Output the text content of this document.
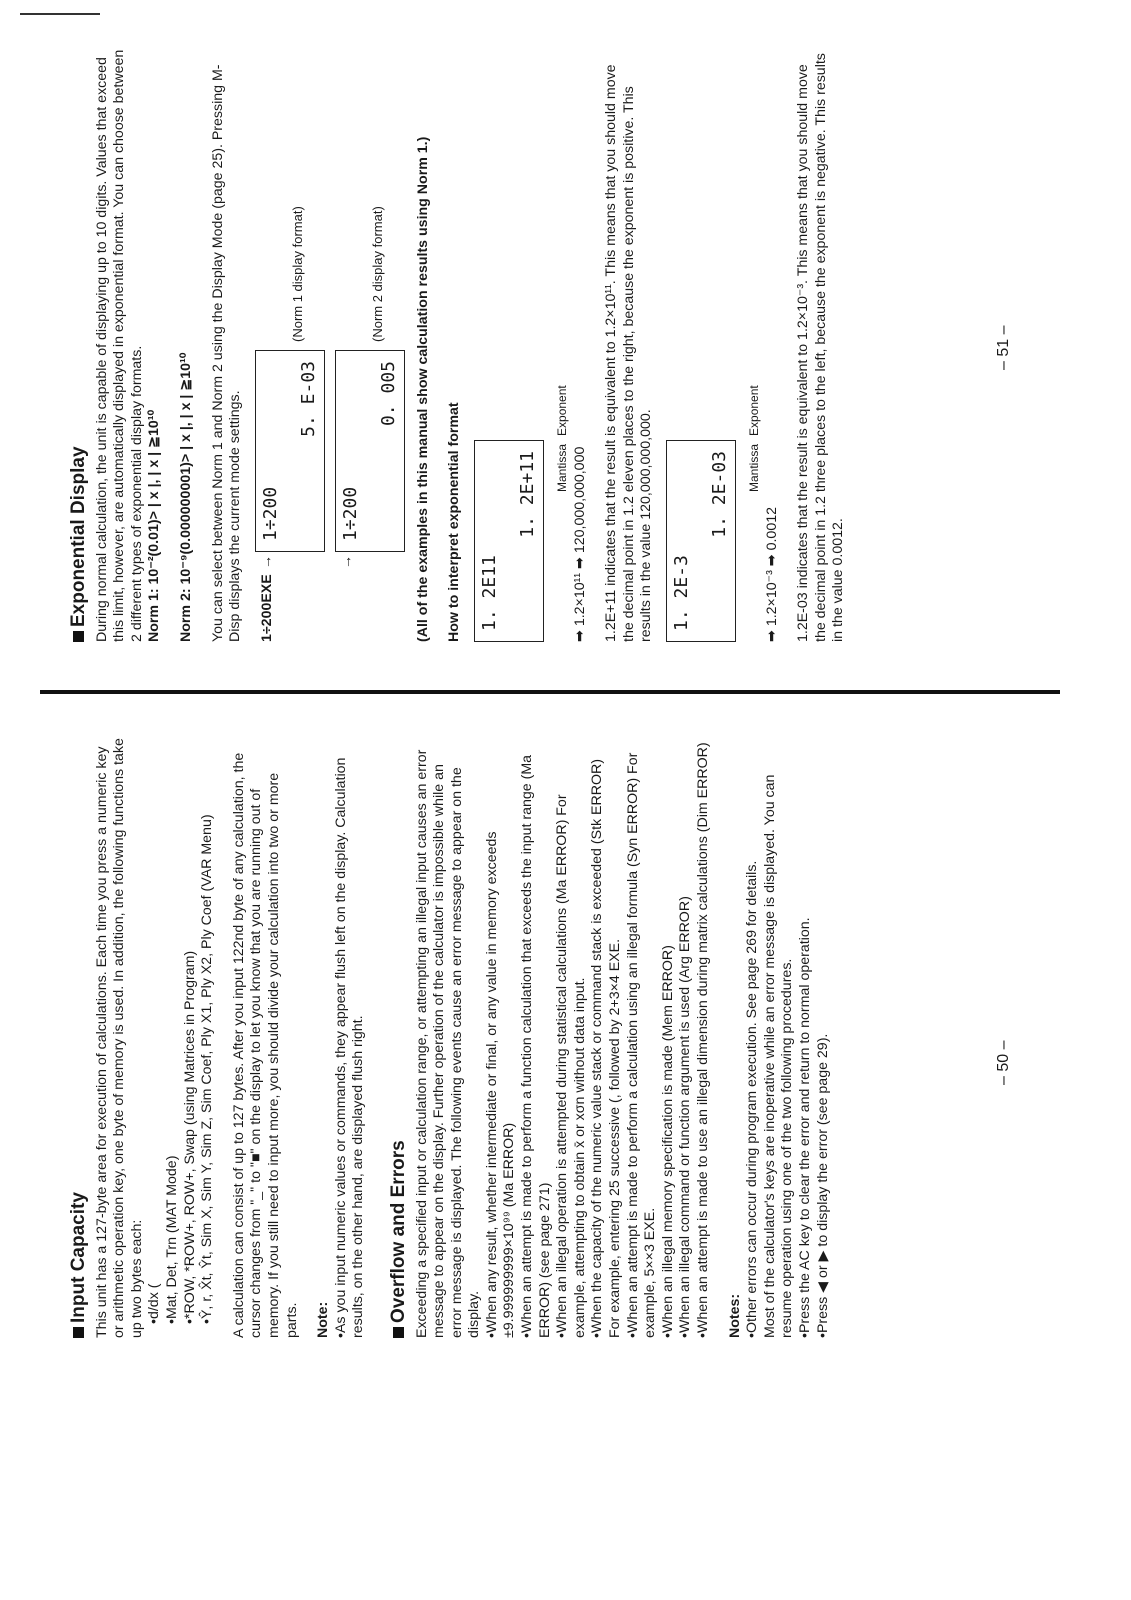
Input Capacity This unit has a 127-byte area for execution of calculations. Each time you press a numeric key or arithmetic operation key, one byte of memory is used. In addition, the following functions take up two bytes each: •d/dx ( •Mat, Det, Trn (MAT Mode) •*ROW, *ROW+, ROW+, Swap (using Matrices in Program) •Ŷ, r, X̂t, Ŷt, Sim X, Sim Y, Sim Z, Sim Coef, Ply X1, Ply X2, Ply Coef (VAR Menu) A calculation can consist of up to 127 bytes. After you input 122nd byte of any calculation, the cursor changes from "_" to "■" on the display to let you know that you are running out of memory. If you still need to input more, you should divide your calculation into two or more parts. Note: •As you input numeric values or commands, they appear flush left on the display. Calculation results, on the other hand, are displayed flush right. Overflow and Errors Exceeding a specified input or calculation range, or attempting an illegal input causes an error message to appear on the display. Further operation of the calculator is impossible while an error message is displayed. The following events cause an error message to appear on the display. •When any result, whether intermediate or final, or any value in memory exceeds ±9.999999999×10⁹⁹ (Ma ERROR) •When an attempt is made to perform a function calculation that exceeds the input range (Ma ERROR) (see page 271) •When an illegal operation is attempted during statistical calculations (Ma ERROR) For example, attempting to obtain x̄ or xσn without data input. •When the capacity of the numeric value stack or command stack is exceeded (Stk ERROR) For example, entering 25 successive (, followed by 2+3×4 EXE. •When an attempt is made to perform a calculation using an illegal formula (Syn ERROR) For example, 5××3 EXE. •When an illegal memory specification is made (Mem ERROR) •When an illegal command or function argument is used (Arg ERROR) •When an attempt is made to use an illegal dimension during matrix calculations (Dim ERROR) Notes: •Other errors can occur during program execution. See page 269 for details. Most of the calculator's keys are inoperative while an error message is displayed. You can resume operation using one of the two following procedures. •Press the AC key to clear the error and return to normal operation. •Press ◀ or ▶ to display the error (see page 29).	– 50 –
Exponential Display During normal calculation, the unit is capable of displaying up to 10 digits. Values that exceed this limit, however, are automatically displayed in exponential format. You can choose between 2 different types of exponential display formats. Norm 1: 10⁻²(0.01)> | x |, | x | ≧10¹⁰ Norm 2: 10⁻⁹(0.000000001)> | x |, | x | ≧10¹⁰ You can select between Norm 1 and Norm 2 using the Display Mode (page 25). Pressing M-Disp displays the current mode settings. 1÷200EXE
→
1÷200
5. E-03
(Norm 1 display format)
→
1÷200
0. 005
(Norm 2 display format) (All of the examples in this manual show calculation results using Norm 1.) How to interpret exponential format 1. 2E11
1. 2E+11 MantissaExponent

➡ 1.2×10¹¹ ➡ 120,000,000,000 1.2E+11 indicates that the result is equivalent to 1.2×10¹¹. This means that you should move the decimal point in 1.2 eleven places to the right, because the exponent is positive. This results in the value 120,000,000,000. 1. 2E-3
1. 2E-03 MantissaExponent

➡ 1.2×10⁻³ ➡ 0.0012 1.2E-03 indicates that the result is equivalent to 1.2×10⁻³. This means that you should move the decimal point in 1.2 three places to the left, because the exponent is negative. This results in the value 0.0012.

– 51 –
